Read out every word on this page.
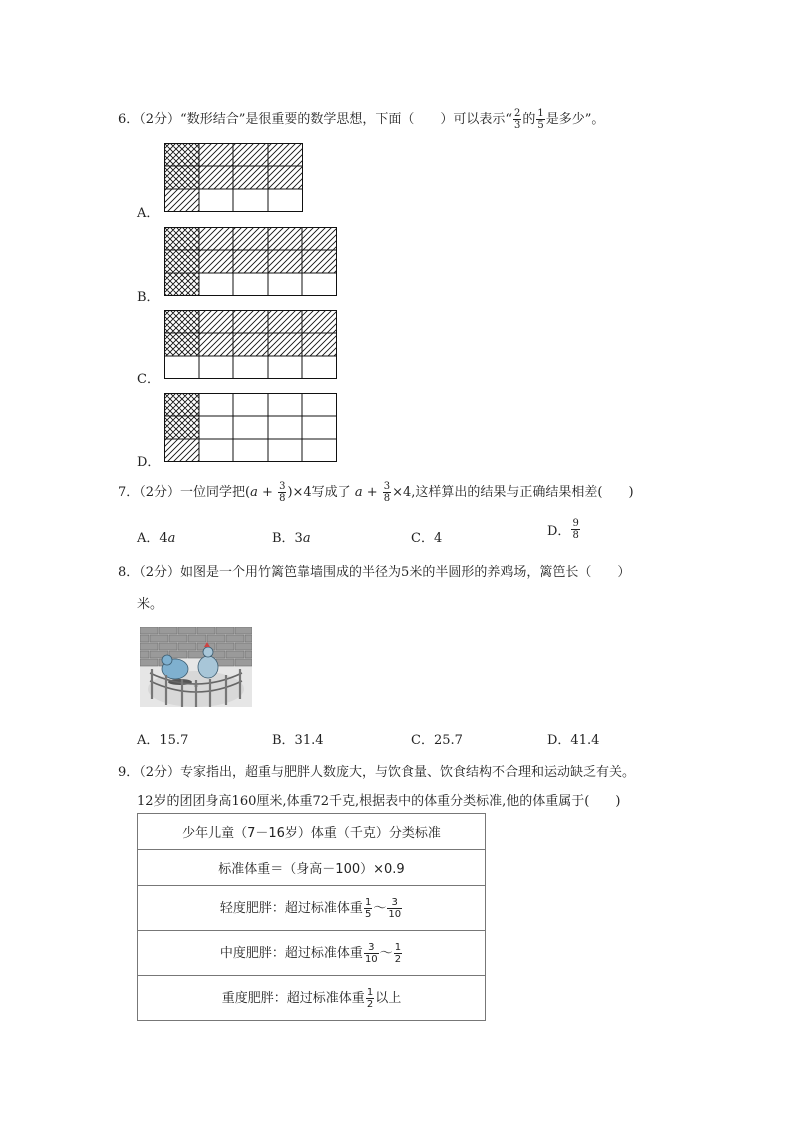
6．（2分）“数形结合”是很重要的数学思想，下面（　　）可以表示“ $\frac{2}{3}$ 的 $\frac{1}{5}$ 是多少”。
A．
B．
C．
D．
7．（2分）一位同学把$(a + \frac{3}{8} )\times 4$写成了 $a + \frac{3}{8} \times 4$,这样算出的结果与正确结果相差(　　)
A．4a	B．3a	C．4	D． $\frac{9}{8}$
8．（2分）如图是一个用竹篱笆靠墙围成的半径为5米的半圆形的养鸡场，篱笆长（　　）
米。
A．15.7	B．31.4	C．25.7	D．41.4
9．（2分）专家指出，超重与肥胖人数庞大，与饮食量、饮食结构不合理和运动缺乏有关。
12岁的团团身高160厘米,体重72千克,根据表中的体重分类标准,他的体重属于(　　)
少年儿童（7－16岁）体重（千克）分类标准
标准体重＝（身高－100）×0.9
轻度肥胖：超过标准体重 $\frac{1}{5}$ ～ $\frac{3}{10}$

中度肥胖：超过标准体重 $\frac{3}{10}$ ～ $\frac{1}{2}$

重度肥胖：超过标准体重 $\frac{1}{2}$ 以上
